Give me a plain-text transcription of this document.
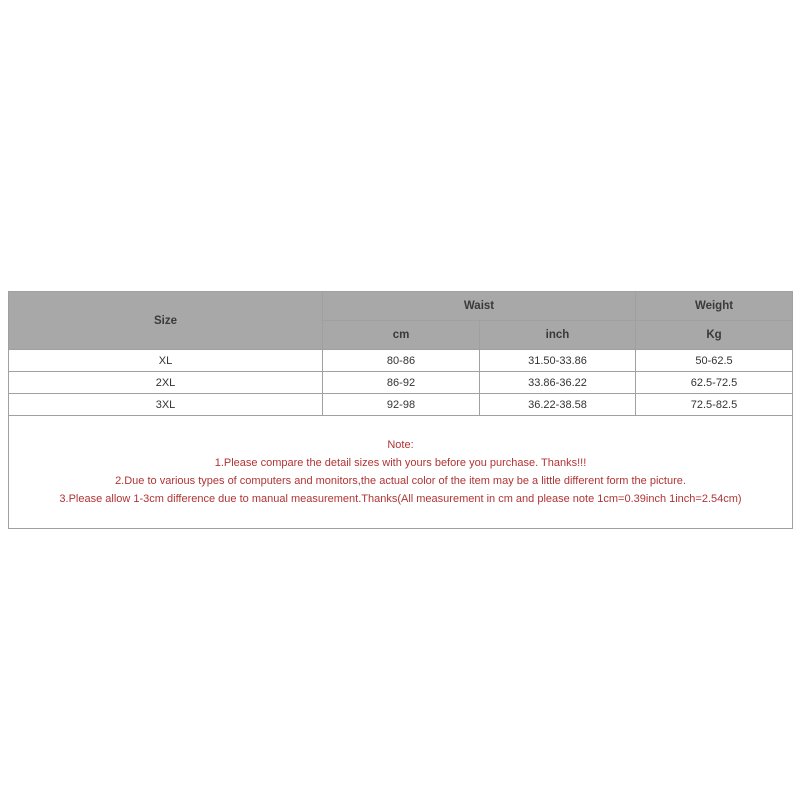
Size	Waist		Weight
	cm	inch	Kg
XL	80-86	31.50-33.86	50-62.5
2XL	86-92	33.86-36.22	62.5-72.5
3XL	92-98	36.22-38.58	72.5-82.5

Note:
1.Please compare the detail sizes with yours before you purchase. Thanks!!!
2.Due to various types of computers and monitors,the actual color of the item may be a little different form the picture.
3.Please allow 1-3cm difference due to manual measurement.Thanks(All measurement in cm and please note 1cm=0.39inch 1inch=2.54cm)			
